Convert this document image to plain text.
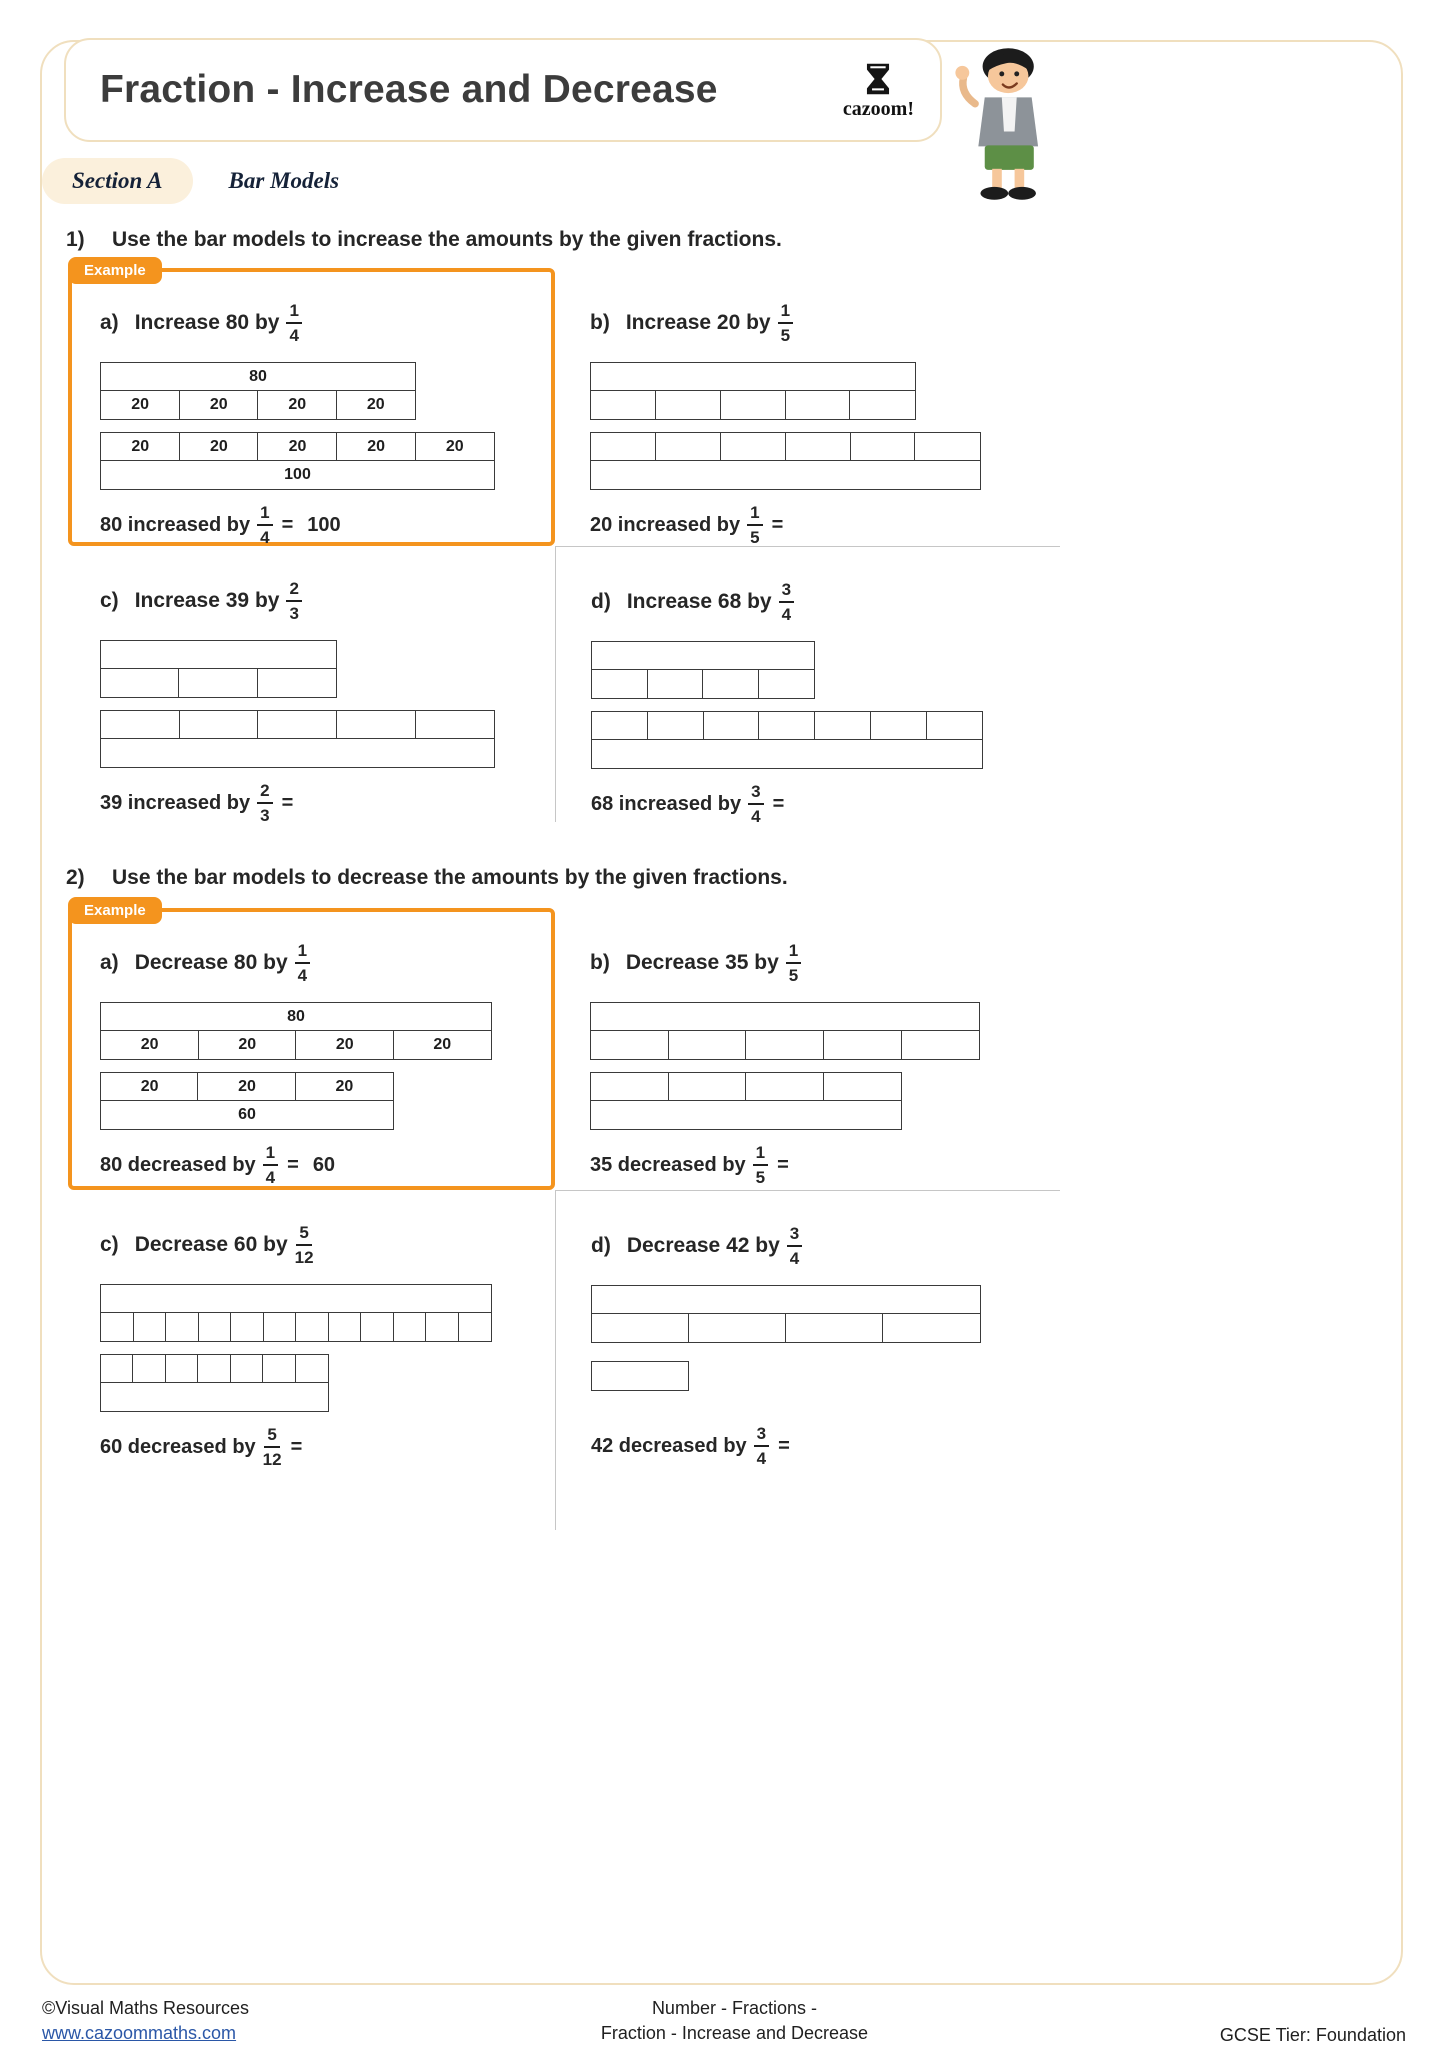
Fraction - Increase and Decrease	cazoom!
Section A	Bar Models
1)	Use the bar models to increase the amounts by the given fractions.
Example
a) Increase 80 by $\frac{1}{4}$
80
20	20	20	20
20	20	20	20	20
100
80 increased by $\frac{1}{4} = 100$
b) Increase 20 by $\frac{1}{5}$
20 increased by $\frac{1}{5}$ =
c) Increase 39 by $\frac{2}{3}$
39 increased by $\frac{2}{3}$ =
d) Increase 68 by $\frac{3}{4}$
68 increased by $\frac{3}{4}$ =
2)	Use the bar models to decrease the amounts by the given fractions.
Example
a) Decrease 80 by $\frac{1}{4}$
80
20	20	20	20
20	20	20
60
80 decreased by $\frac{1}{4} = 60$
b) Decrease 35 by $\frac{1}{5}$
35 decreased by $\frac{1}{5}$ =
c) Decrease 60 by $\frac{5}{12}$
60 decreased by $\frac{5}{12}$ =
d) Decrease 42 by $\frac{3}{4}$
42 decreased by $\frac{3}{4}$ =
©Visual Maths Resources
www.cazoommaths.com
Number - Fractions -
Fraction - Increase and Decrease	GCSE Tier: Foundation
